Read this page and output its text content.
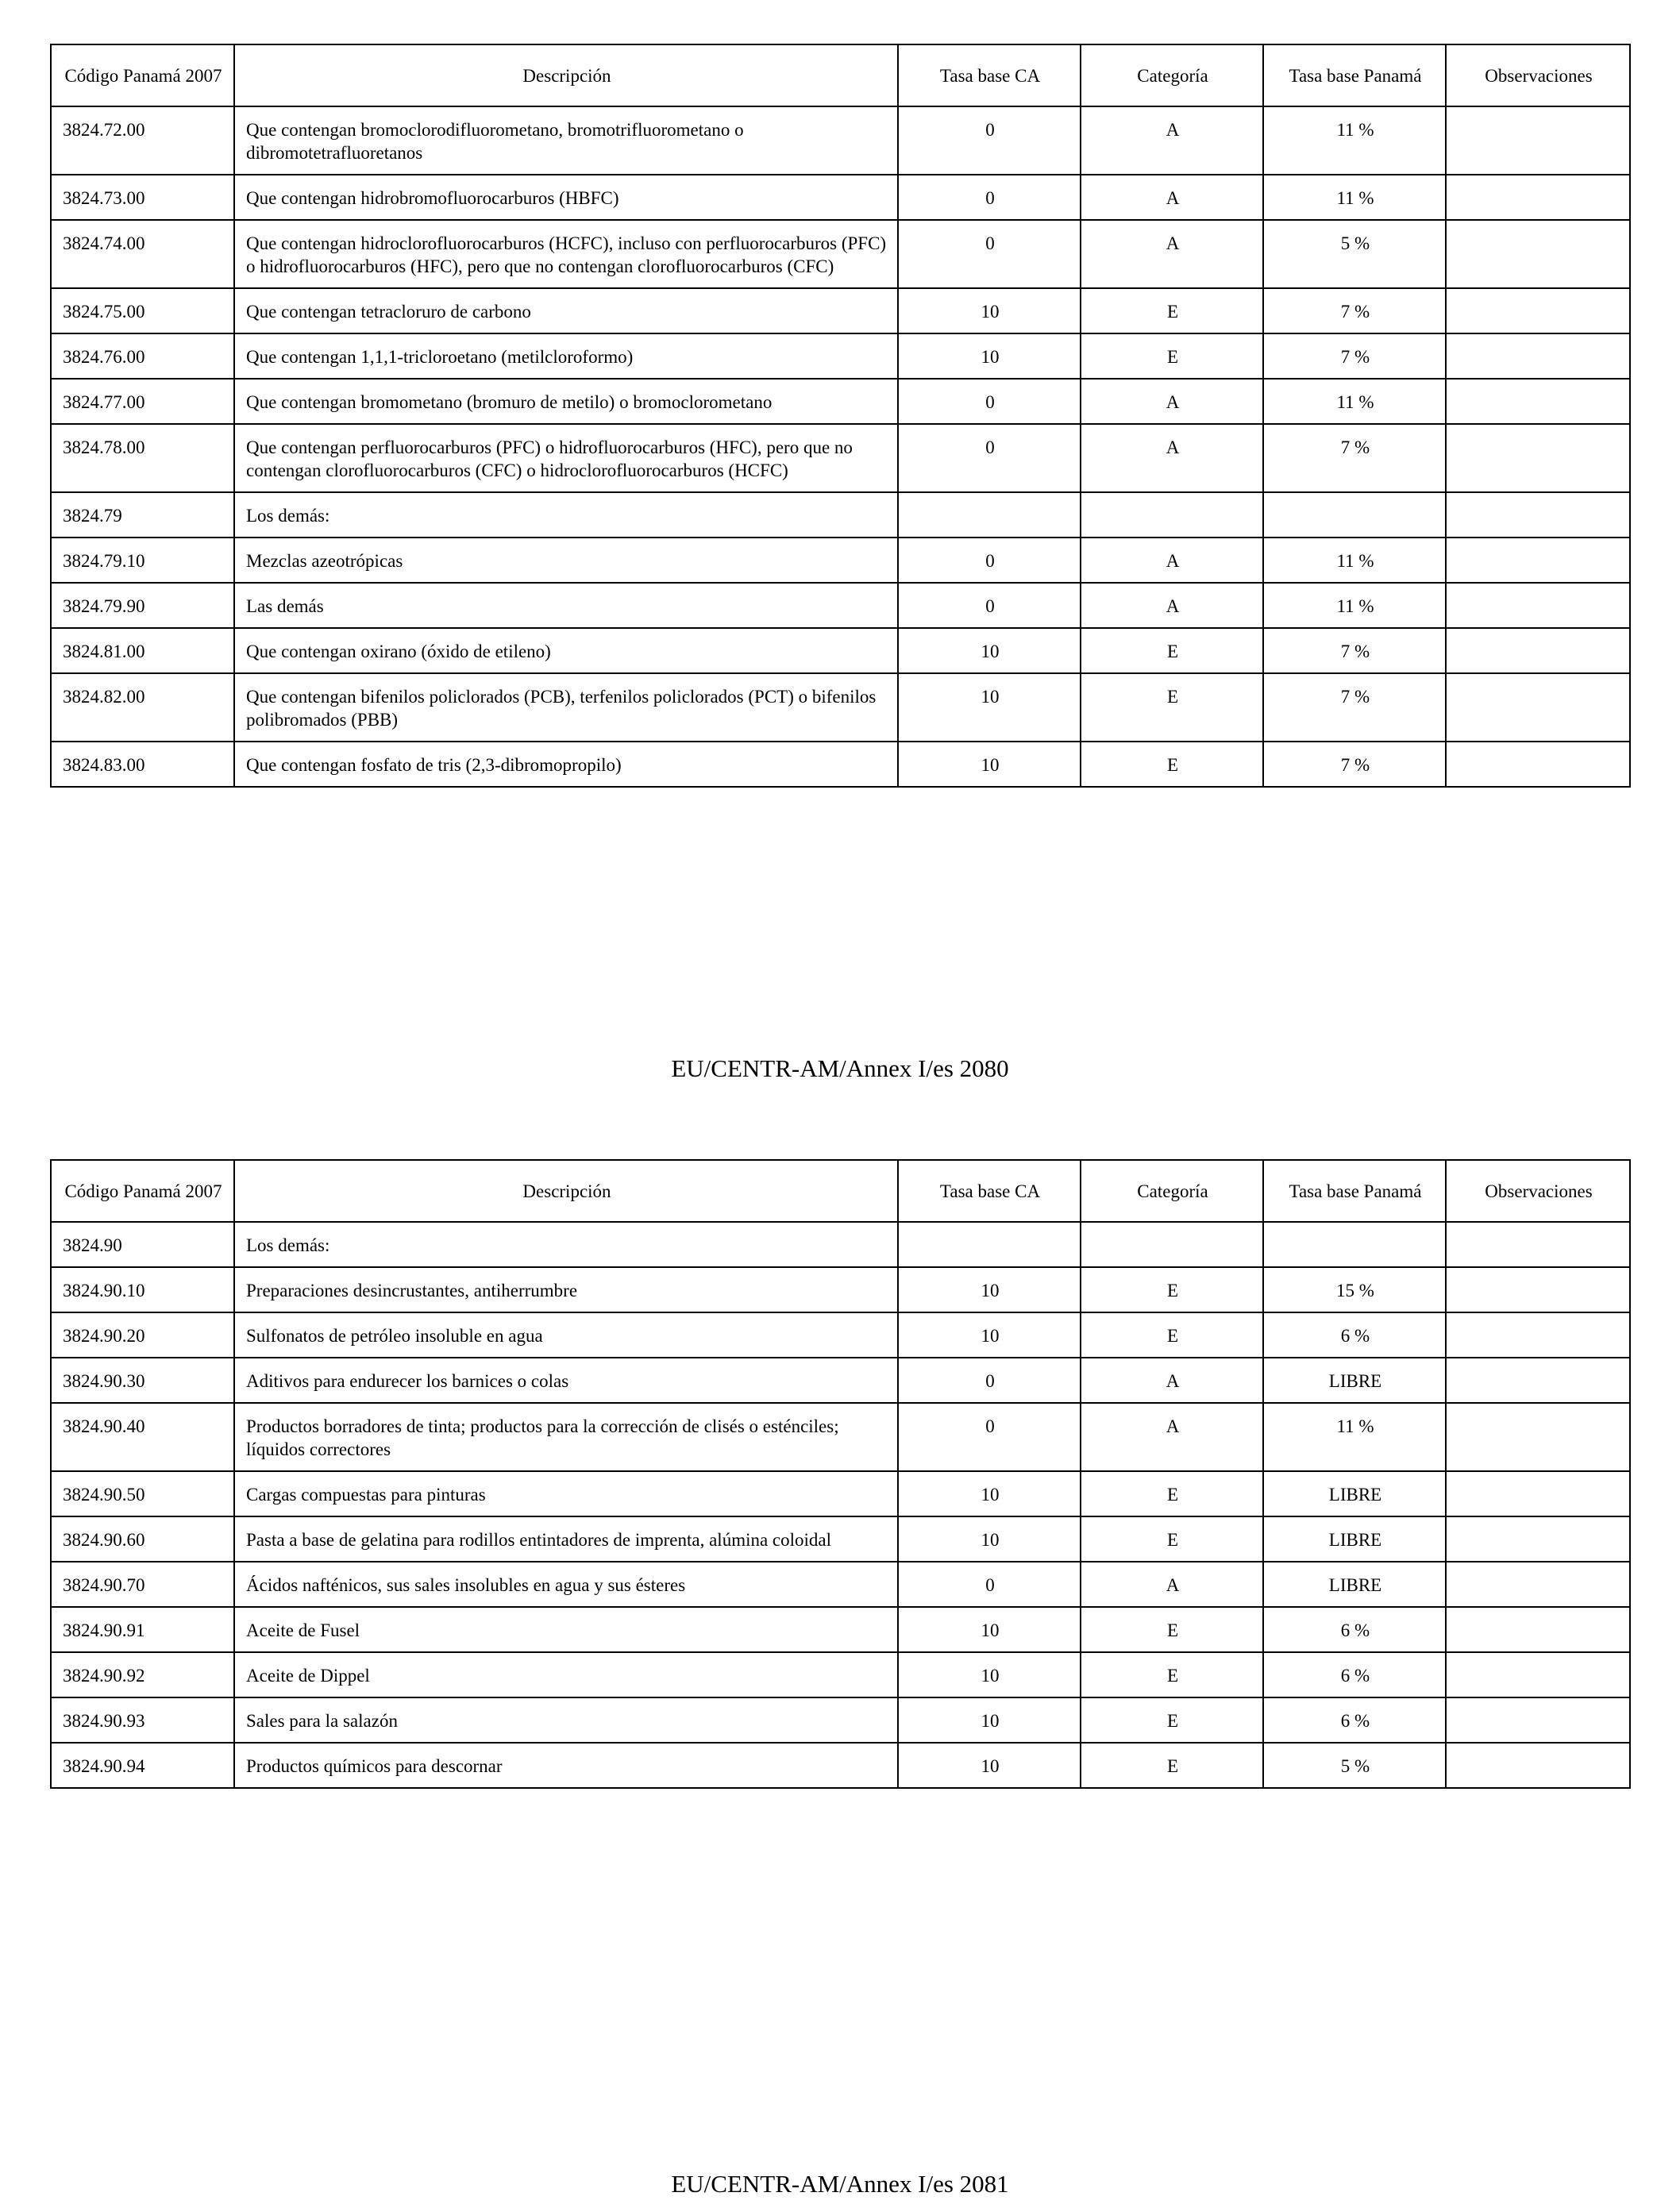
Código Panamá 2007	Descripción	Tasa base CA	Categoría	Tasa base Panamá	Observaciones
3824.72.00	Que contengan bromoclorodifluorometano, bromotrifluorometano o dibromotetrafluoretanos	0	A	11 %	
3824.73.00	Que contengan hidrobromofluorocarburos (HBFC)	0	A	11 %	
3824.74.00	Que contengan hidroclorofluorocarburos (HCFC), incluso con perfluorocarburos (PFC) o hidrofluorocarburos (HFC), pero que no contengan clorofluorocarburos (CFC)	0	A	5 %	
3824.75.00	Que contengan tetracloruro de carbono	10	E	7 %	
3824.76.00	Que contengan 1,1,1-tricloroetano (metilcloroformo)	10	E	7 %	
3824.77.00	Que contengan bromometano (bromuro de metilo) o bromoclorometano	0	A	11 %	
3824.78.00	Que contengan perfluorocarburos (PFC) o hidrofluorocarburos (HFC), pero que no contengan clorofluorocarburos (CFC) o hidroclorofluorocarburos (HCFC)	0	A	7 %	
3824.79	Los demás:				
3824.79.10	Mezclas azeotrópicas	0	A	11 %	
3824.79.90	Las demás	0	A	11 %	
3824.81.00	Que contengan oxirano (óxido de etileno)	10	E	7 %	
3824.82.00	Que contengan bifenilos policlorados (PCB), terfenilos policlorados (PCT) o bifenilos polibromados (PBB)	10	E	7 %	
3824.83.00	Que contengan fosfato de tris (2,3-dibromopropilo)	10	E	7 %	
EU/CENTR-AM/Annex I/es 2080
Código Panamá 2007	Descripción	Tasa base CA	Categoría	Tasa base Panamá	Observaciones
3824.90	Los demás:				
3824.90.10	Preparaciones desincrustantes, antiherrumbre	10	E	15 %	
3824.90.20	Sulfonatos de petróleo insoluble en agua	10	E	6 %	
3824.90.30	Aditivos para endurecer los barnices o colas	0	A	LIBRE	
3824.90.40	Productos borradores de tinta; productos para la corrección de clisés o esténciles; líquidos correctores	0	A	11 %	
3824.90.50	Cargas compuestas para pinturas	10	E	LIBRE	
3824.90.60	Pasta a base de gelatina para rodillos entintadores de imprenta, alúmina coloidal	10	E	LIBRE	
3824.90.70	Ácidos nafténicos, sus sales insolubles en agua y sus ésteres	0	A	LIBRE	
3824.90.91	Aceite de Fusel	10	E	6 %	
3824.90.92	Aceite de Dippel	10	E	6 %	
3824.90.93	Sales para la salazón	10	E	6 %	
3824.90.94	Productos químicos para descornar	10	E	5 %	
EU/CENTR-AM/Annex I/es 2081
